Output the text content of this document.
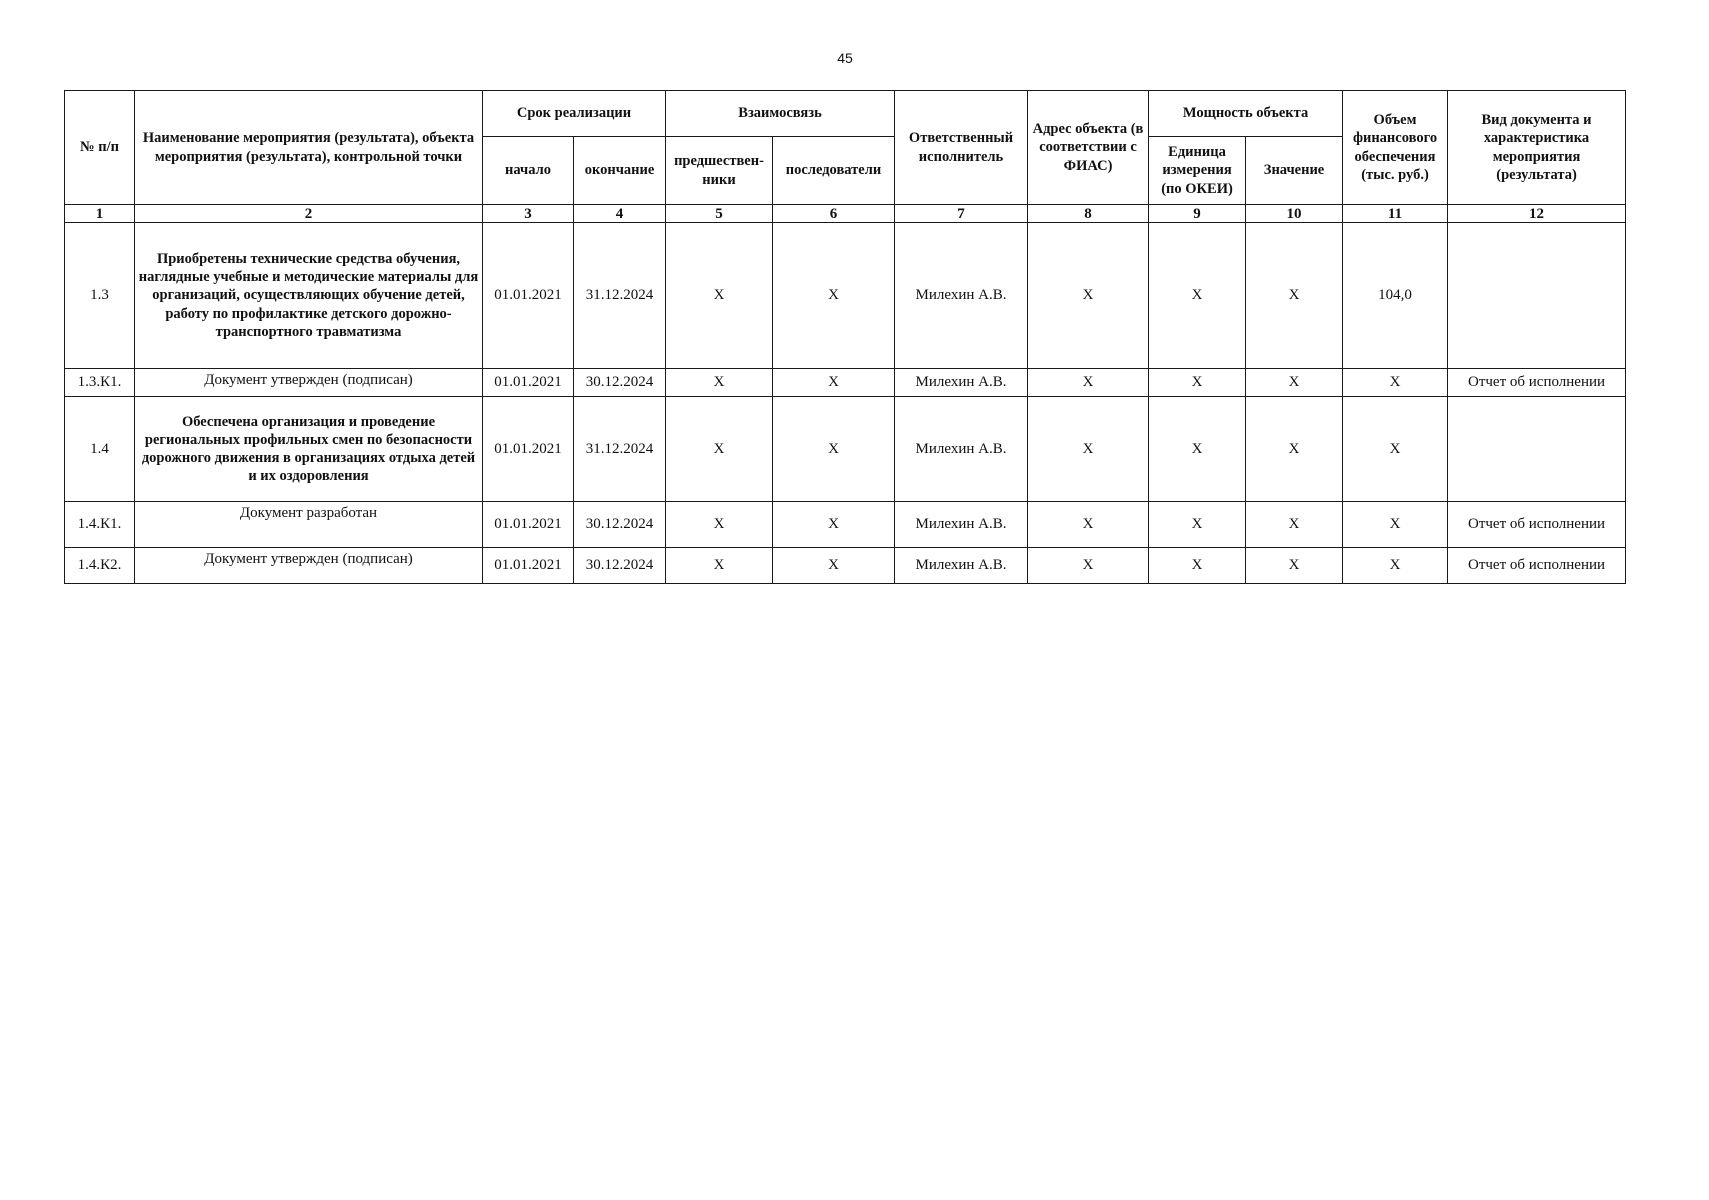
45
№ п/п	Наименование мероприятия (результата), объекта мероприятия (результата), контрольной точки	Срок реализации		Взаимосвязь		Ответственный исполнитель	Адрес объекта (в соответствии с ФИАС)	Мощность объекта		Объем финансового обеспечения (тыс. руб.)	Вид документа и характеристика мероприятия (результата)
		начало	окончание	предшествен-ники	последователи			Единица измерения (по ОКЕИ)	Значение		
1	2	3	4	5	6	7	8	9	10	11	12
1.3	Приобретены технические средства обучения, наглядные учебные и методические материалы для организаций, осуществляющих обучение детей, работу по профилактике детского дорожно-транспортного травматизма	01.01.2021	31.12.2024	X	X	Милехин А.В.	X	X	X	104,0	
1.3.К1.	Документ утвержден (подписан)	01.01.2021	30.12.2024	X	X	Милехин А.В.	X	X	X	X	Отчет об исполнении
1.4	Обеспечена организация и проведение региональных профильных смен по безопасности дорожного движения в организациях отдыха детей и их оздоровления	01.01.2021	31.12.2024	X	X	Милехин А.В.	X	X	X	X	
1.4.К1.	Документ разработан	01.01.2021	30.12.2024	X	X	Милехин А.В.	X	X	X	X	Отчет об исполнении
1.4.К2.	Документ утвержден (подписан)	01.01.2021	30.12.2024	X	X	Милехин А.В.	X	X	X	X	Отчет об исполнении
